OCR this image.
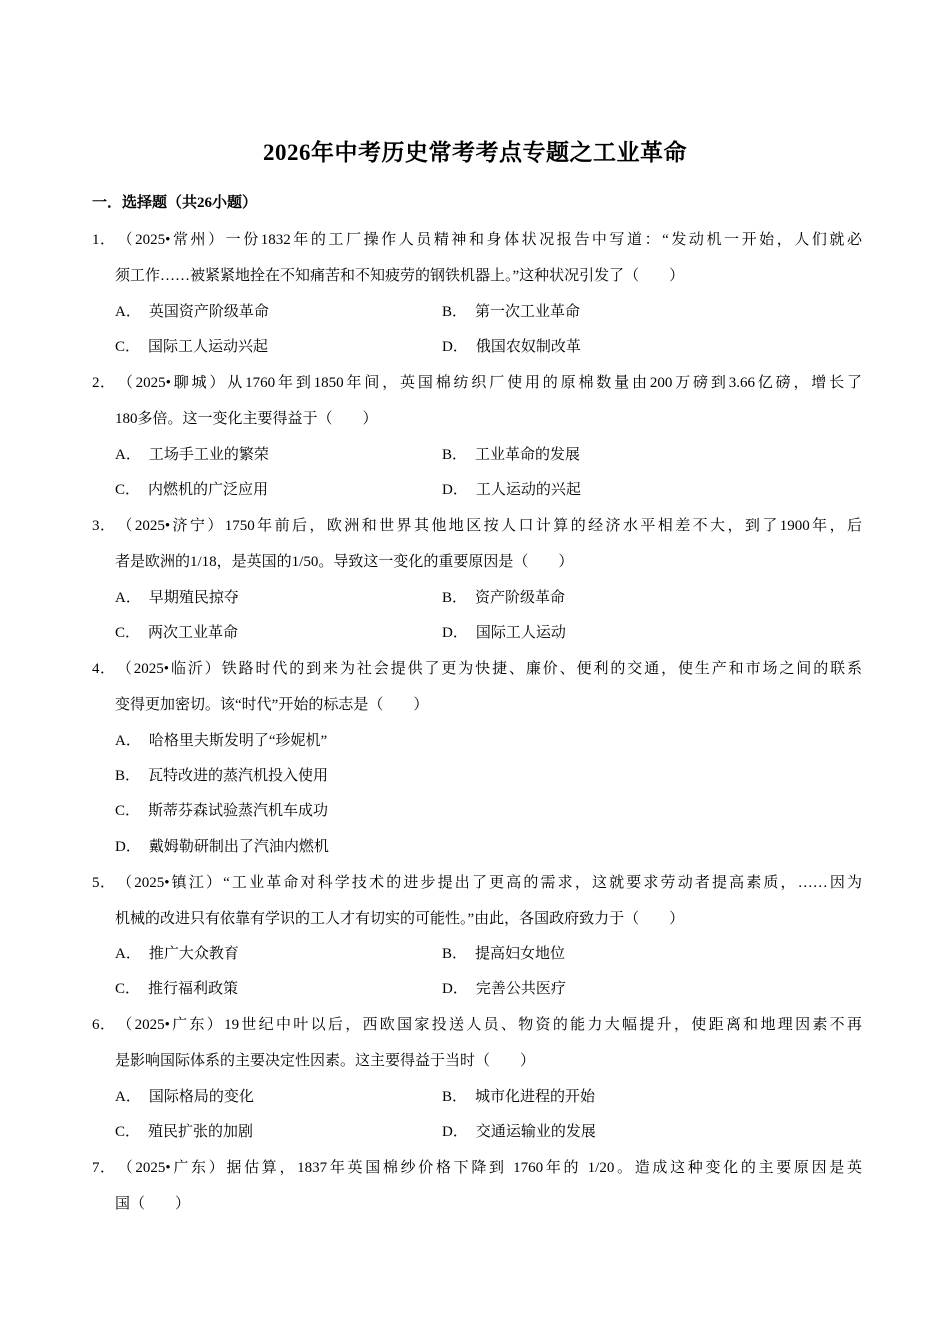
2026年中考历史常考考点专题之工业革命
一．选择题（共26小题）
1．（2025•常州）一份1832年的工厂操作人员精神和身体状况报告中写道：“发动机一开始，人们就必
须工作……被紧紧地拴在不知痛苦和不知疲劳的钢铁机器上。”这种状况引发了（　　）
A． 英国资产阶级革命	B． 第一次工业革命
C． 国际工人运动兴起	D． 俄国农奴制改革
2．（2025•聊城）从1760年到1850年间，英国棉纺织厂使用的原棉数量由200万磅到3.66亿磅，增长了
180多倍。这一变化主要得益于（　　）
A． 工场手工业的繁荣	B． 工业革命的发展
C． 内燃机的广泛应用	D． 工人运动的兴起
3．（2025•济宁）1750年前后，欧洲和世界其他地区按人口计算的经济水平相差不大，到了1900年，后
者是欧洲的1/18，是英国的1/50。导致这一变化的重要原因是（　　）
A． 早期殖民掠夺	B． 资产阶级革命
C． 两次工业革命	D． 国际工人运动
4．（2025•临沂）铁路时代的到来为社会提供了更为快捷、廉价、便利的交通，使生产和市场之间的联系
变得更加密切。该“时代”开始的标志是（　　）
A． 哈格里夫斯发明了“珍妮机”
B． 瓦特改进的蒸汽机投入使用
C． 斯蒂芬森试验蒸汽机车成功
D． 戴姆勒研制出了汽油内燃机
5．（2025•镇江）“工业革命对科学技术的进步提出了更高的需求，这就要求劳动者提高素质，……因为
机械的改进只有依靠有学识的工人才有切实的可能性。”由此，各国政府致力于（　　）
A． 推广大众教育	B． 提高妇女地位
C． 推行福利政策	D． 完善公共医疗
6．（2025•广东）19世纪中叶以后，西欧国家投送人员、物资的能力大幅提升，使距离和地理因素不再
是影响国际体系的主要决定性因素。这主要得益于当时（　　）
A． 国际格局的变化	B． 城市化进程的开始
C． 殖民扩张的加剧	D． 交通运输业的发展
7．（2025•广东）据估算，1837年英国棉纱价格下降到 1760年的 1/20。造成这种变化的主要原因是英
国（　　）
